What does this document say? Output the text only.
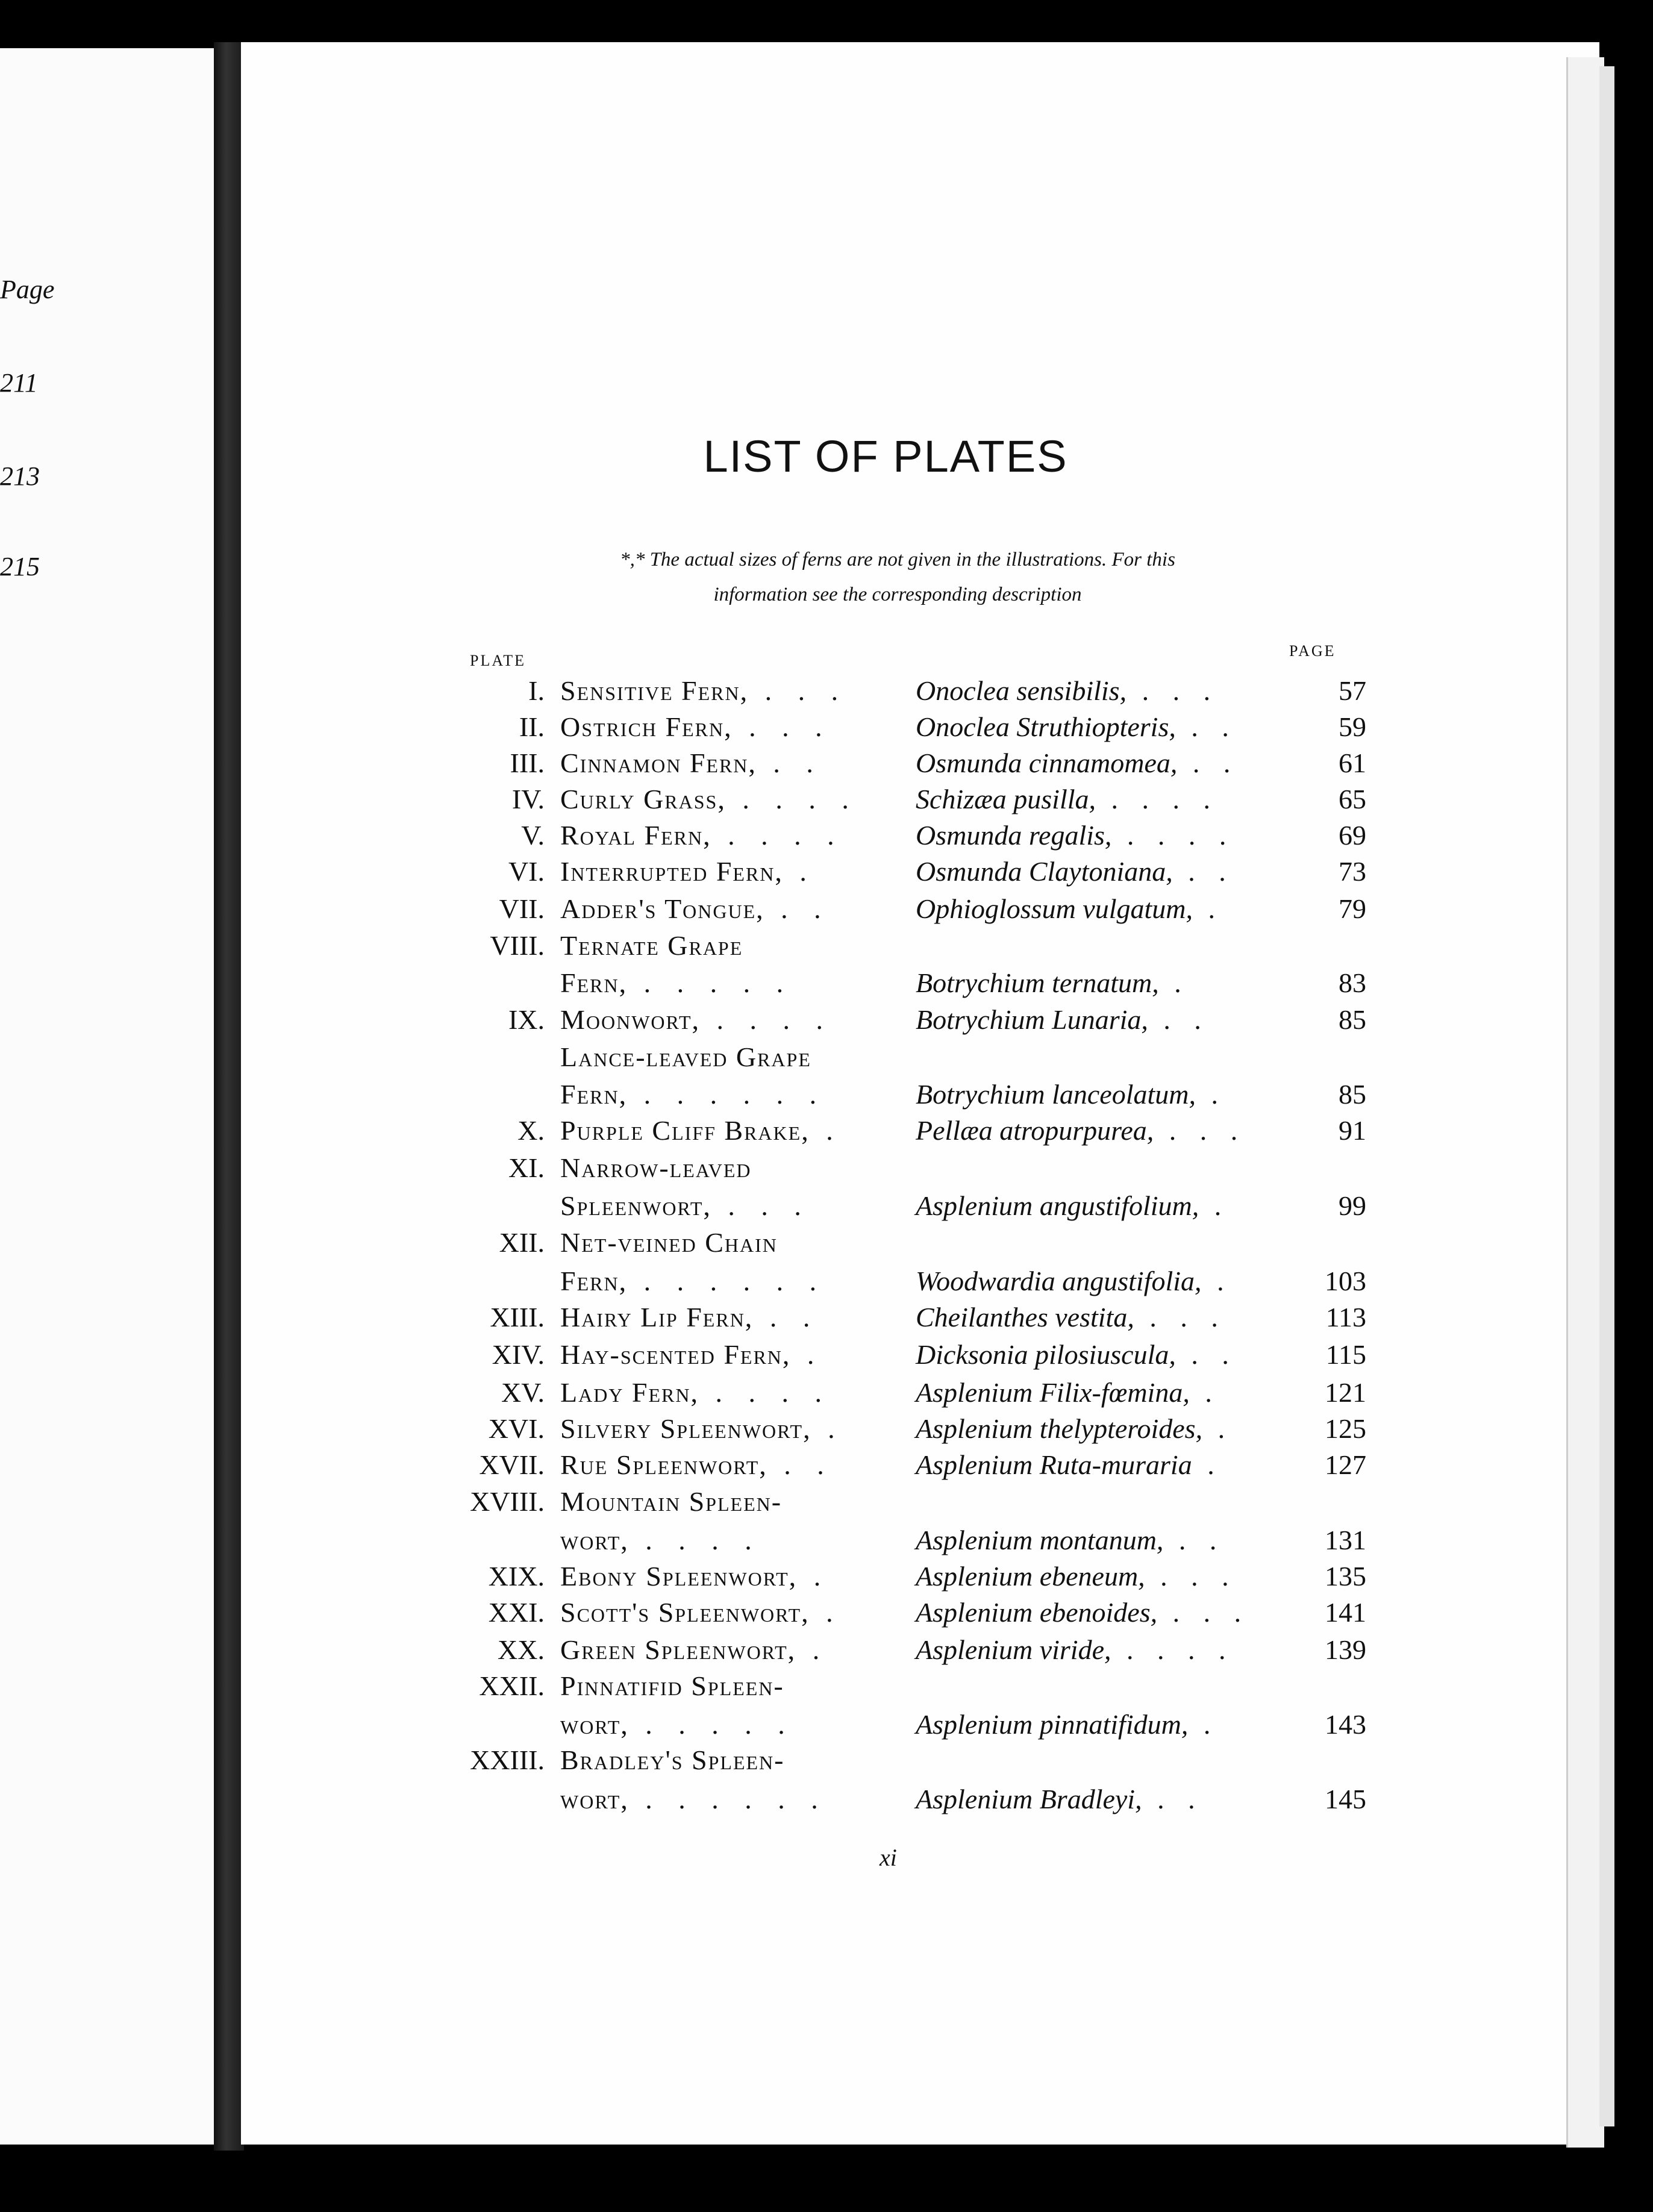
Page
211
213
215
LIST OF PLATES
*,* The actual sizes of ferns are not given in the illustrations. For this
information see the corresponding description
PLATE
PAGE
I. Sensitive Fern, . . . Onoclea sensibilis, . . .	57
II. Ostrich Fern, . . .	Onoclea Struthiopteris, . .	59
III. Cinnamon Fern, . .	Osmunda cinnamomea, . .	61
IV. Curly Grass, . . . . Schizæa pusilla, . . . .	65
V. Royal Fern, . . . .	Osmunda regalis, . . . .	69
VI. Interrupted Fern, .	Osmunda Claytoniana, . .	73
VII. Adder's Tongue, . .	Ophioglossum vulgatum, .	79
VIII. Ternate Grape
Fern, . . . . .	Botrychium ternatum, .	83
IX. Moonwort, . . . .	Botrychium Lunaria, . .	85
Lance-leaved Grape
Fern, . . . . . .	Botrychium lanceolatum, .	85
X. Purple Cliff Brake, .	Pellæa atropurpurea, . . .	91
XI. Narrow-leaved
Spleenwort, . . .	Asplenium angustifolium, .	99
XII. Net-veined Chain
Fern, . . . . . .	Woodwardia angustifolia, .	103
XIII. Hairy Lip Fern, . .	Cheilanthes vestita, . . .	113
XIV. Hay-scented Fern, .	Dicksonia pilosiuscula, . .	115
XV. Lady Fern, . . . .	Asplenium Filix-fœmina, .	121
XVI. Silvery Spleenwort, .	Asplenium thelypteroides, .	125
XVII. Rue Spleenwort, . .	Asplenium Ruta-muraria .	127
XVIII. Mountain Spleen-
wort, . . . .	Asplenium montanum, . .	131
XIX. Ebony Spleenwort, .	Asplenium ebeneum, . . .	135
XXI. Scott's Spleenwort, .	Asplenium ebenoides, . . .	141
XX. Green Spleenwort, .	Asplenium viride, . . . .	139
XXII. Pinnatifid Spleen-
wort, . . . . .	Asplenium pinnatifidum, .	143
XXIII. Bradley's Spleen-
wort, . . . . . .	Asplenium Bradleyi, . .	145
xi
